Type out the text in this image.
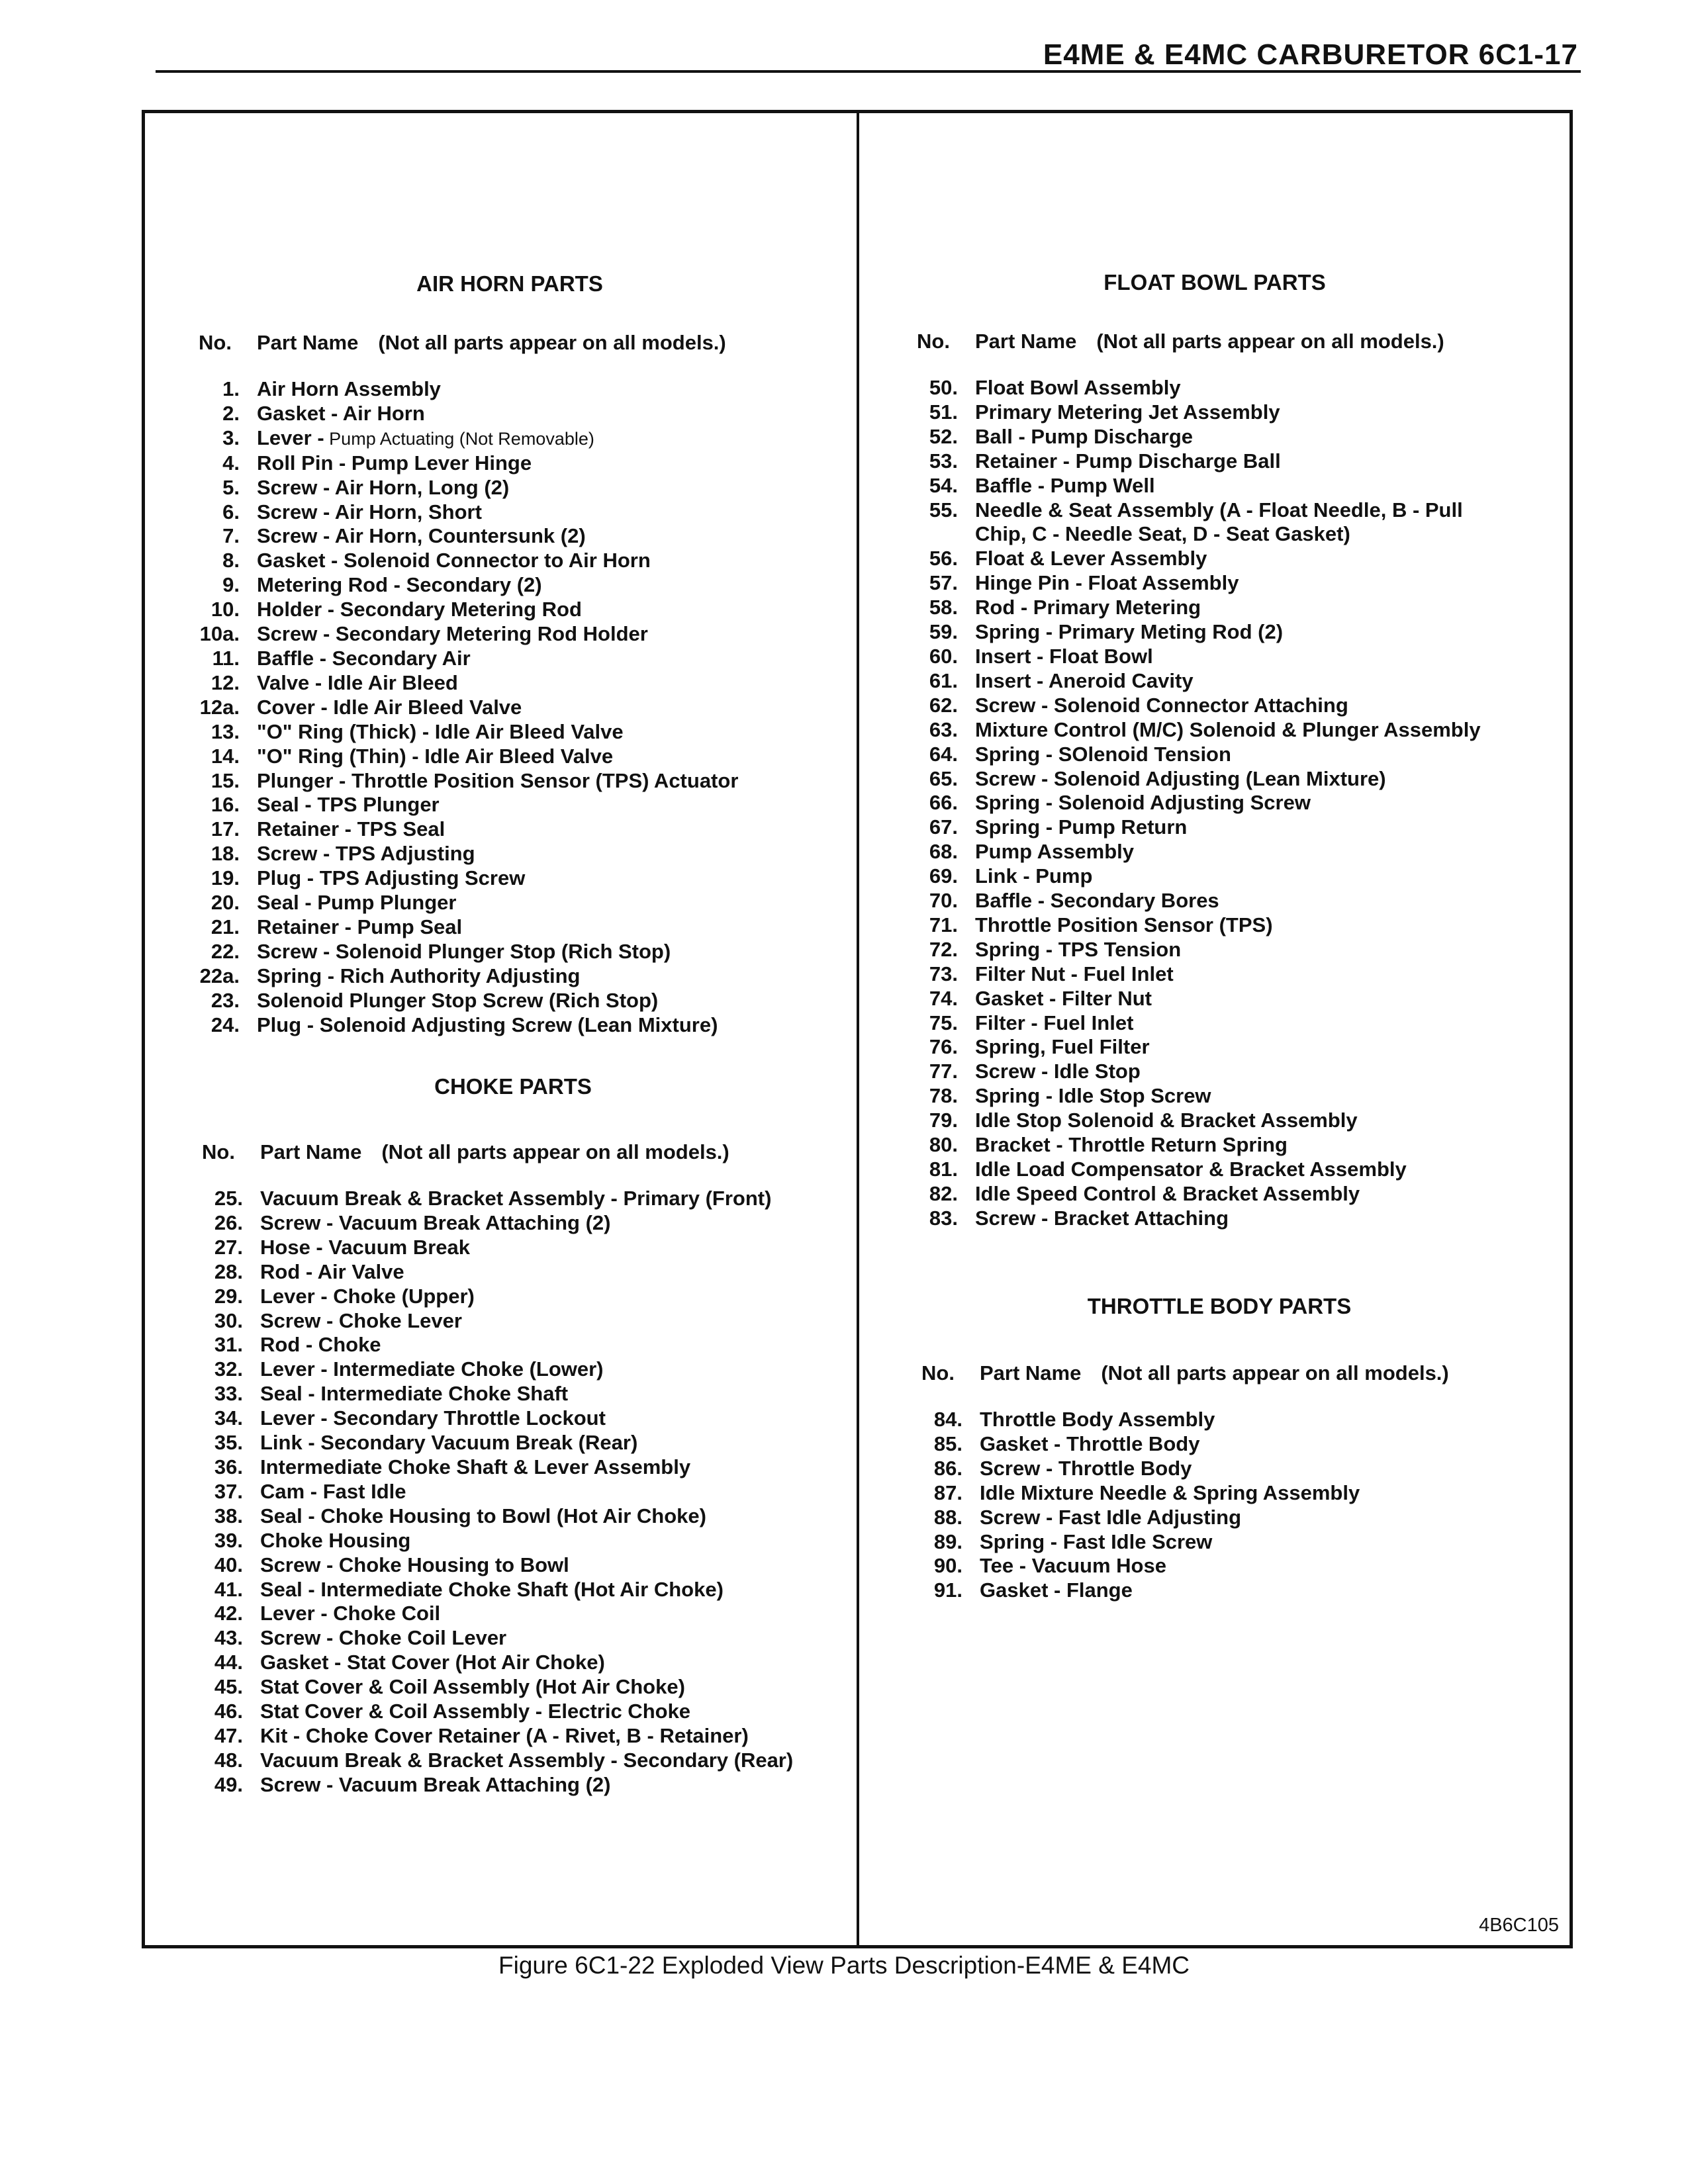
E4ME & E4MC CARBURETOR 6C1-17
AIR HORN PARTS
No.	Part Name (Not all parts appear on all models.)
1. Air Horn Assembly
2. Gasket - Air Horn
3. Lever - Pump Actuating (Not Removable)
4. Roll Pin - Pump Lever Hinge
5. Screw - Air Horn, Long (2)
6. Screw - Air Horn, Short
7. Screw - Air Horn, Countersunk (2)
8. Gasket - Solenoid Connector to Air Horn
9. Metering Rod - Secondary (2)
10. Holder - Secondary Metering Rod
10a. Screw - Secondary Metering Rod Holder
11. Baffle - Secondary Air
12. Valve - Idle Air Bleed
12a. Cover - Idle Air Bleed Valve
13. "O" Ring (Thick) - Idle Air Bleed Valve
14. "O" Ring (Thin) - Idle Air Bleed Valve
15. Plunger - Throttle Position Sensor (TPS) Actuator
16. Seal - TPS Plunger
17. Retainer - TPS Seal
18. Screw - TPS Adjusting
19. Plug - TPS Adjusting Screw
20. Seal - Pump Plunger
21. Retainer - Pump Seal
22. Screw - Solenoid Plunger Stop (Rich Stop)
22a. Spring - Rich Authority Adjusting
23. Solenoid Plunger Stop Screw (Rich Stop)
24. Plug - Solenoid Adjusting Screw (Lean Mixture)
CHOKE PARTS
No.	Part Name (Not all parts appear on all models.)
25. Vacuum Break & Bracket Assembly - Primary (Front)
26. Screw - Vacuum Break Attaching (2)
27. Hose - Vacuum Break
28. Rod - Air Valve
29. Lever - Choke (Upper)
30. Screw - Choke Lever
31. Rod - Choke
32. Lever - Intermediate Choke (Lower)
33. Seal - Intermediate Choke Shaft
34. Lever - Secondary Throttle Lockout
35. Link - Secondary Vacuum Break (Rear)
36. Intermediate Choke Shaft & Lever Assembly
37. Cam - Fast Idle
38. Seal - Choke Housing to Bowl (Hot Air Choke)
39. Choke Housing
40. Screw - Choke Housing to Bowl
41. Seal - Intermediate Choke Shaft (Hot Air Choke)
42. Lever - Choke Coil
43. Screw - Choke Coil Lever
44. Gasket - Stat Cover (Hot Air Choke)
45. Stat Cover & Coil Assembly (Hot Air Choke)
46. Stat Cover & Coil Assembly - Electric Choke
47. Kit - Choke Cover Retainer (A - Rivet, B - Retainer)
48. Vacuum Break & Bracket Assembly - Secondary (Rear)
49. Screw - Vacuum Break Attaching (2)
FLOAT BOWL PARTS
No.	Part Name (Not all parts appear on all models.)
50. Float Bowl Assembly
51. Primary Metering Jet Assembly
52. Ball - Pump Discharge
53. Retainer - Pump Discharge Ball
54. Baffle - Pump Well
55. Needle & Seat Assembly (A - Float Needle, B - Pull Chip, C - Needle Seat, D - Seat Gasket)
56. Float & Lever Assembly
57. Hinge Pin - Float Assembly
58. Rod - Primary Metering
59. Spring - Primary Meting Rod (2)
60. Insert - Float Bowl
61. Insert - Aneroid Cavity
62. Screw - Solenoid Connector Attaching
63. Mixture Control (M/C) Solenoid & Plunger Assembly
64. Spring - SOlenoid Tension
65. Screw - Solenoid Adjusting (Lean Mixture)
66. Spring - Solenoid Adjusting Screw
67. Spring - Pump Return
68. Pump Assembly
69. Link - Pump
70. Baffle - Secondary Bores
71. Throttle Position Sensor (TPS)
72. Spring - TPS Tension
73. Filter Nut - Fuel Inlet
74. Gasket - Filter Nut
75. Filter - Fuel Inlet
76. Spring, Fuel Filter
77. Screw - Idle Stop
78. Spring - Idle Stop Screw
79. Idle Stop Solenoid & Bracket Assembly
80. Bracket - Throttle Return Spring
81. Idle Load Compensator & Bracket Assembly
82. Idle Speed Control & Bracket Assembly
83. Screw - Bracket Attaching
THROTTLE BODY PARTS
No.	Part Name (Not all parts appear on all models.)
84. Throttle Body Assembly
85. Gasket - Throttle Body
86. Screw - Throttle Body
87. Idle Mixture Needle & Spring Assembly
88. Screw - Fast Idle Adjusting
89. Spring - Fast Idle Screw
90. Tee - Vacuum Hose
91. Gasket - Flange
4B6C105
Figure 6C1-22 Exploded View Parts Description-E4ME & E4MC
